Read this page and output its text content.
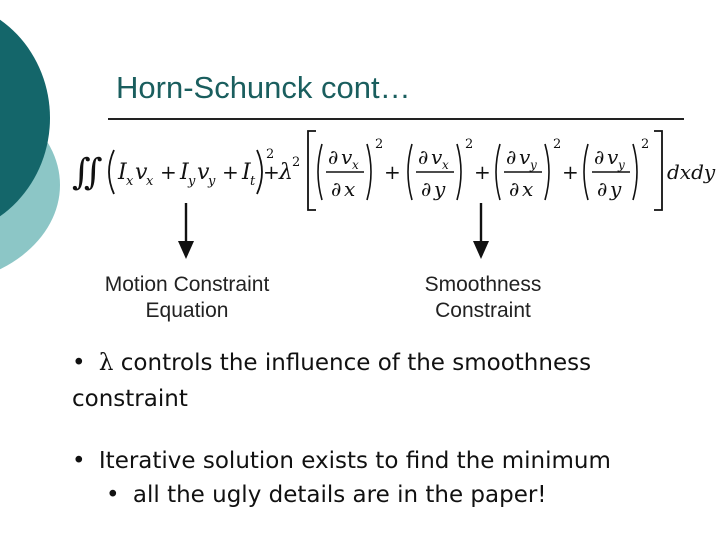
Horn-Schunck cont…
∬ I x v
x + I y v
y + I t
2
+ λ 2 ∂ v x
∂ x
2
+
∂ v x
∂ y
2
+
∂ v y
∂ x
2
+
∂ v y
∂ y
2
dxdy
Motion Constraint
Equation
Smoothness
Constraint
• λ controls the influence of the smoothness
constraint
• Iterative solution exists to find the minimum
• all the ugly details are in the paper!
